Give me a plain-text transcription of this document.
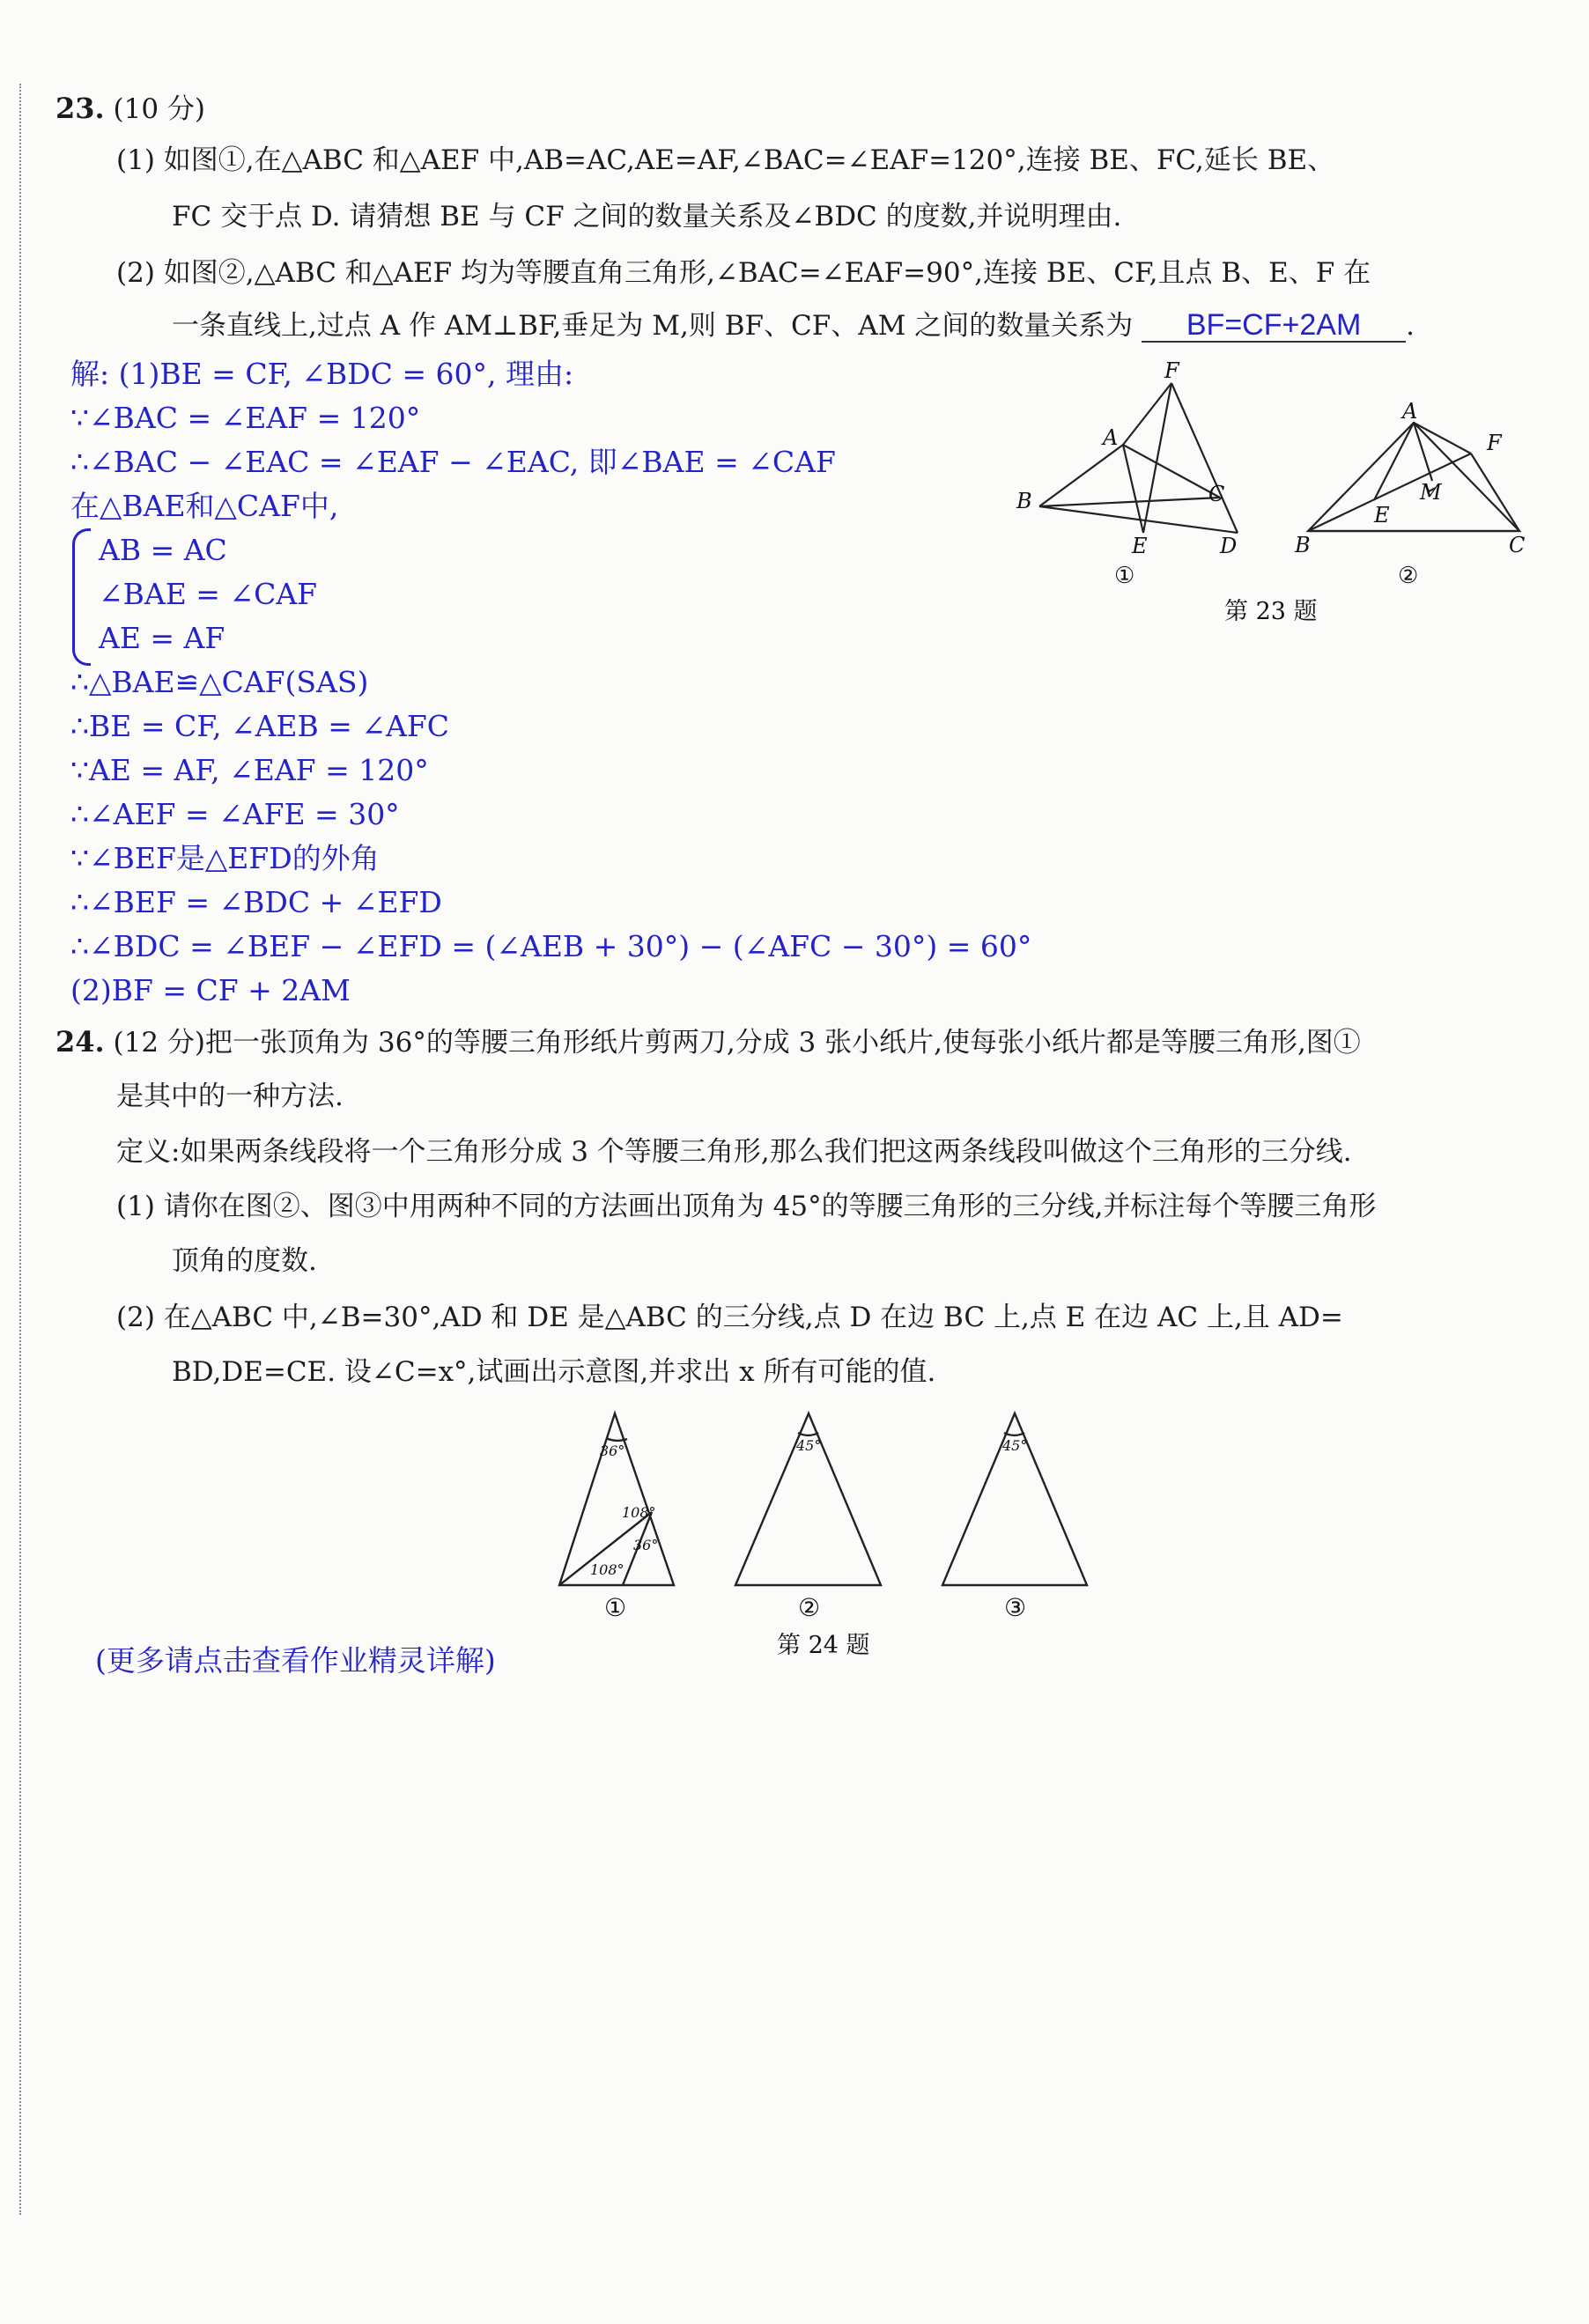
23. (10 分)
(1) 如图①,在△ABC 和△AEF 中,AB=AC,AE=AF,∠BAC=∠EAF=120°,连接 BE、FC,延长 BE、
FC 交于点 D. 请猜想 BE 与 CF 之间的数量关系及∠BDC 的度数,并说明理由.
(2) 如图②,△ABC 和△AEF 均为等腰直角三角形,∠BAC=∠EAF=90°,连接 BE、CF,且点 B、E、F 在
一条直线上,过点 A 作 AM⊥BF,垂足为 M,则 BF、CF、AM 之间的数量关系为 BF=CF+2AM .
解: (1)BE = CF, ∠BDC = 60°, 理由:
∵∠BAC = ∠EAF = 120°
∴∠BAC − ∠EAC = ∠EAF − ∠EAC, 即∠BAE = ∠CAF
在△BAE和△CAF中,
AB = AC
∠BAE = ∠CAF
AE = AF
∴△BAE≌△CAF(SAS)
∴BE = CF, ∠AEB = ∠AFC
∵AE = AF, ∠EAF = 120°
∴∠AEF = ∠AFE = 30°
∵∠BEF是△EFD的外角
∴∠BEF = ∠BDC + ∠EFD
∴∠BDC = ∠BEF − ∠EFD = (∠AEB + 30°) − (∠AFC − 30°) = 60°
(2)BF = CF + 2AM
F
A
B	C
E	D
A
F
M
E
B	C
①	②
第 23 题
24. (12 分)把一张顶角为 36°的等腰三角形纸片剪两刀,分成 3 张小纸片,使每张小纸片都是等腰三角形,图①
是其中的一种方法.
定义:如果两条线段将一个三角形分成 3 个等腰三角形,那么我们把这两条线段叫做这个三角形的三分线.
(1) 请你在图②、图③中用两种不同的方法画出顶角为 45°的等腰三角形的三分线,并标注每个等腰三角形
顶角的度数.
(2) 在△ABC 中,∠B=30°,AD 和 DE 是△ABC 的三分线,点 D 在边 BC 上,点 E 在边 AC 上,且 AD=
BD,DE=CE. 设∠C=x°,试画出示意图,并求出 x 所有可能的值.
36°
108°
36°
108°
45°	45°
①	②	③
第 24 题
(更多请点击查看作业精灵详解)
